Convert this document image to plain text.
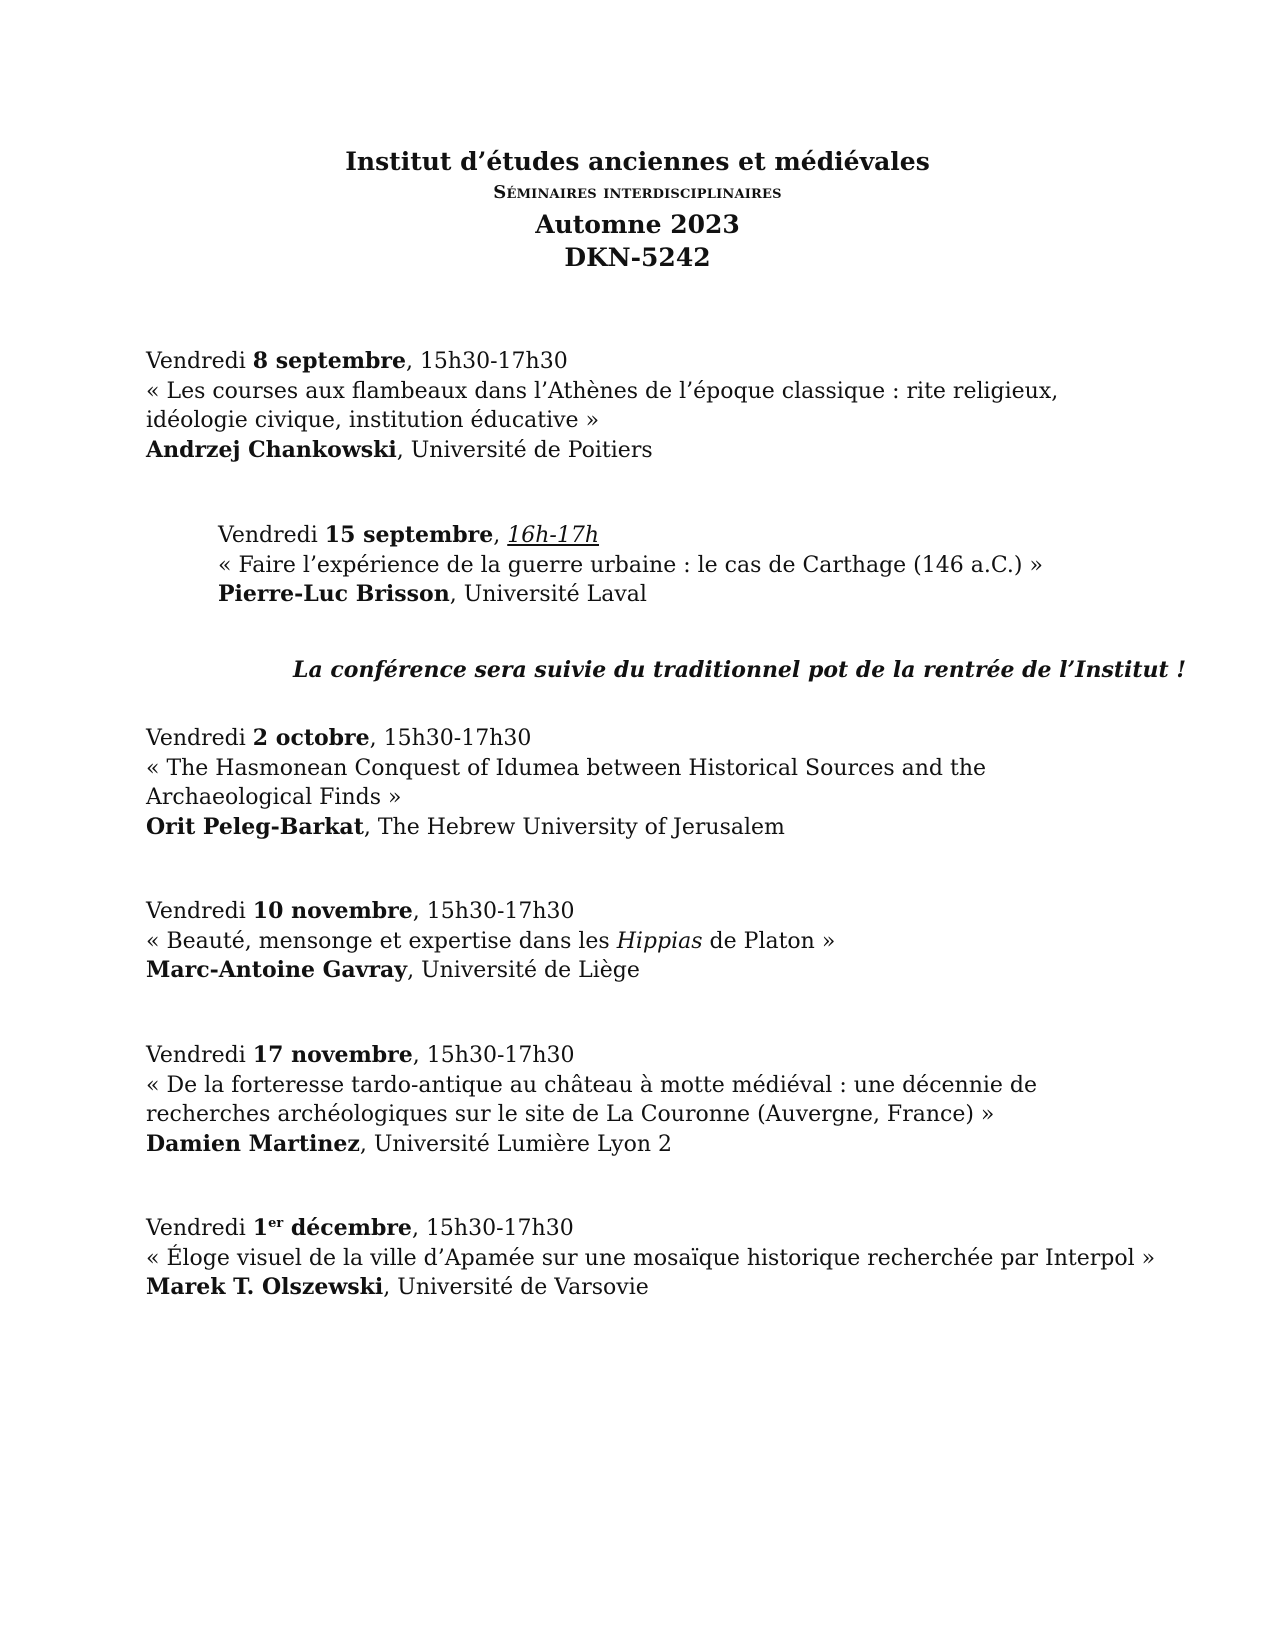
Institut d’études anciennes et médiévales
Séminaires interdisciplinaires
Automne 2023
DKN-5242
Vendredi 8 septembre, 15h30-17h30
« Les courses aux flambeaux dans l’Athènes de l’époque classique : rite religieux, idéologie civique, institution éducative »
Andrzej Chankowski, Université de Poitiers
Vendredi 15 septembre, 16h-17h
« Faire l’expérience de la guerre urbaine : le cas de Carthage (146 a.C.) »
Pierre-Luc Brisson, Université Laval
La conférence sera suivie du traditionnel pot de la rentrée de l’Institut !
Vendredi 2 octobre, 15h30-17h30
« The Hasmonean Conquest of Idumea between Historical Sources and the Archaeological Finds »
Orit Peleg-Barkat, The Hebrew University of Jerusalem
Vendredi 10 novembre, 15h30-17h30
« Beauté, mensonge et expertise dans les Hippias de Platon »
Marc-Antoine Gavray, Université de Liège
Vendredi 17 novembre, 15h30-17h30
« De la forteresse tardo-antique au château à motte médiéval : une décennie de recherches archéologiques sur le site de La Couronne (Auvergne, France) »
Damien Martinez, Université Lumière Lyon 2
Vendredi 1er décembre, 15h30-17h30
« Éloge visuel de la ville d’Apamée sur une mosaïque historique recherchée par Interpol »
Marek T. Olszewski, Université de Varsovie
